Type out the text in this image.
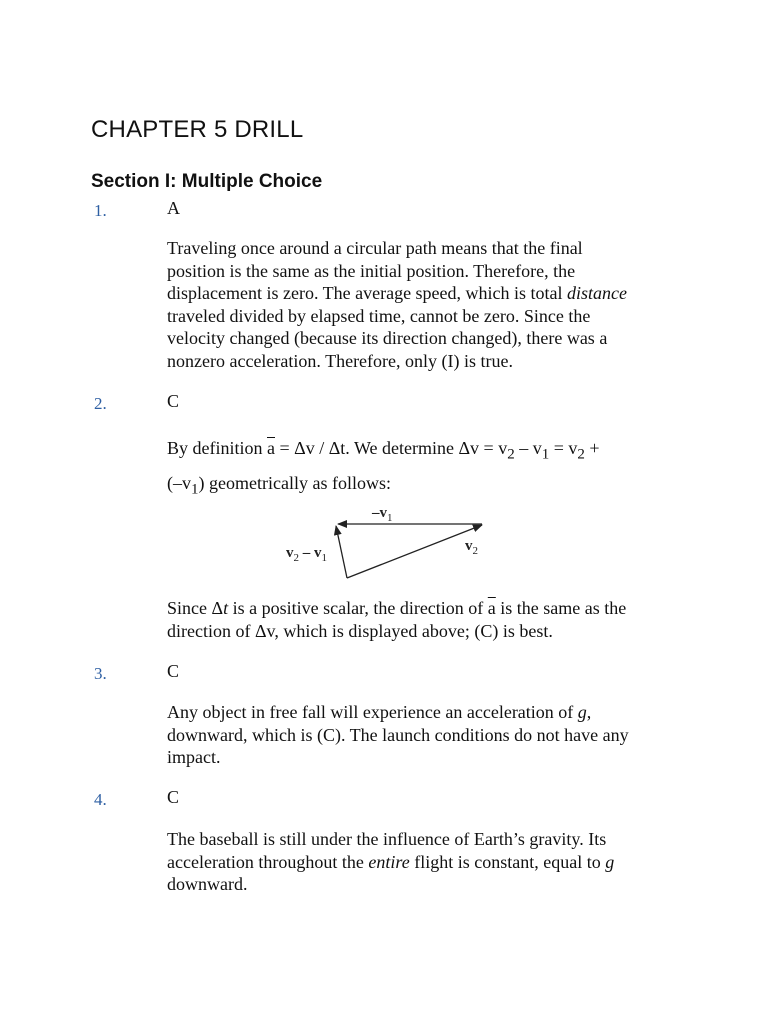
CHAPTER 5 DRILL
Section I: Multiple Choice
1.	A
Traveling once around a circular path means that the final
position is the same as the initial position. Therefore, the
displacement is zero. The average speed, which is total distance
traveled divided by elapsed time, cannot be zero. Since the
velocity changed (because its direction changed), there was a
nonzero acceleration. Therefore, only (I) is true.
2.	C
By definition $\overline{a} = \Delta v / \Delta t$. We determine $\Delta v = v_2 - v_1 = v_2$ +
$(-v_1)$ geometrically as follows:
$-v_1$
$v_2 - v_1$
$v_2$
Since Δt is a positive scalar, the direction of $\overline{a}$ is the same as the
direction of Δv, which is displayed above; (C) is best.
3.	C
Any object in free fall will experience an acceleration of g,
downward, which is (C). The launch conditions do not have any
impact.
4.	C
The baseball is still under the influence of Earth’s gravity. Its
acceleration throughout the entire flight is constant, equal to g
downward.
